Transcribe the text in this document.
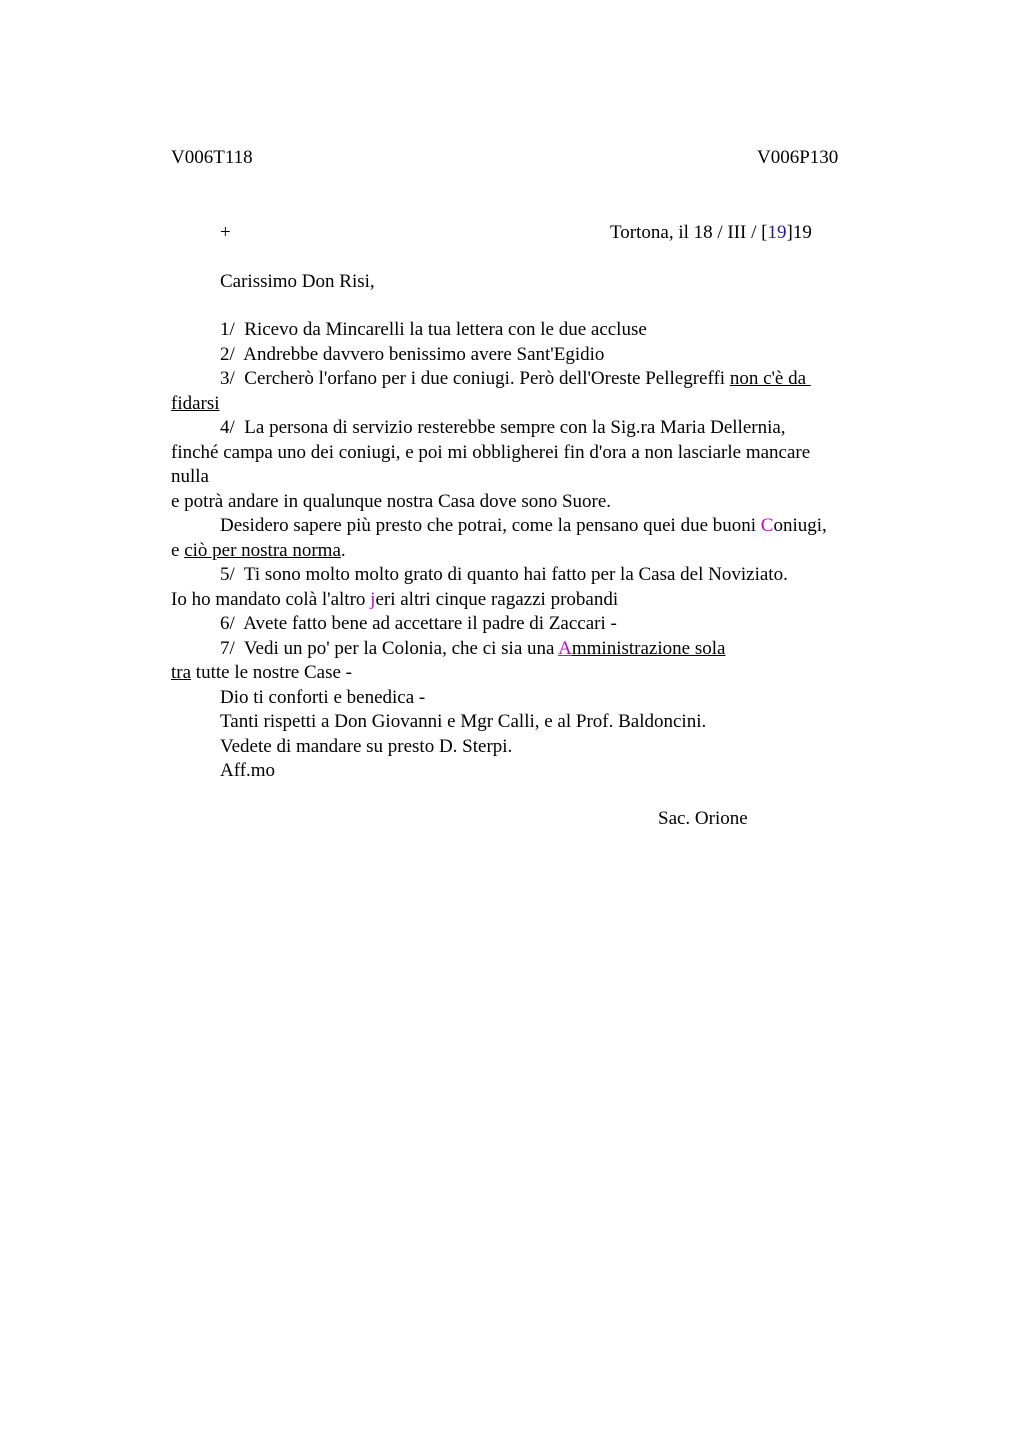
V006T118	V006P130
+	Tortona, il 18 / III / [19]19
Carissimo Don Risi,
1/  Ricevo da Mincarelli la tua lettera con le due accluse
2/  Andrebbe davvero benissimo avere Sant'Egidio
3/  Cercherò l'orfano per i due coniugi. Però dell'Oreste Pellegreffi non c'è da
fidarsi
4/  La persona di servizio resterebbe sempre con la Sig.ra Maria Dellernia,
finché campa uno dei coniugi, e poi mi obbligherei fin d'ora a non lasciarle mancare
nulla
e potrà andare in qualunque nostra Casa dove sono Suore.
Desidero sapere più presto che potrai, come la pensano quei due buoni Coniugi,
e ciò per nostra norma.
5/  Ti sono molto molto grato di quanto hai fatto per la Casa del Noviziato.
Io ho mandato colà l'altro jeri altri cinque ragazzi probandi
6/  Avete fatto bene ad accettare il padre di Zaccari -
7/  Vedi un po' per la Colonia, che ci sia una Amministrazione sola
tra tutte le nostre Case -
Dio ti conforti e benedica -
Tanti rispetti a Don Giovanni e Mgr Calli, e al Prof. Baldoncini.
Vedete di mandare su presto D. Sterpi.
Aff.mo
Sac. Orione
